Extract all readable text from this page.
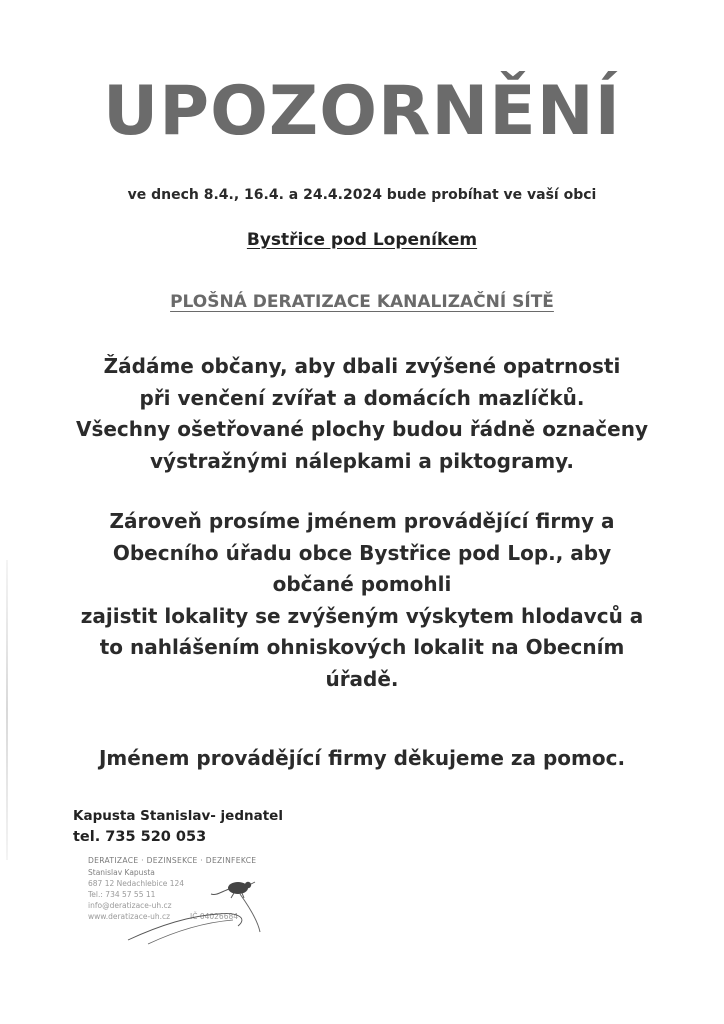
UPOZORNĚNÍ
ve dnech 8.4., 16.4. a 24.4.2024 bude probíhat ve vaší obci
Bystřice pod Lopeníkem
PLOŠNÁ DERATIZACE KANALIZAČNÍ SÍTĚ
Žádáme občany, aby dbali zvýšené opatrnosti
při venčení zvířat a domácích mazlíčků.
Všechny ošetřované plochy budou řádně označeny
výstražnými nálepkami a piktogramy.
Zároveň prosíme jménem provádějící firmy a
Obecního úřadu obce Bystřice pod Lop., aby
občané pomohli
zajistit lokality se zvýšeným výskytem hlodavců a
to nahlášením ohniskových lokalit na Obecním
úřadě.
Jménem provádějící firmy děkujeme za pomoc.
Kapusta Stanislav- jednatel
tel. 735 520 053
DERATIZACE · DEZINSEKCE · DEZINFEKCE
Stanislav Kapusta
687 12 Nedachlebice 124
Tel.: 734 57 55 11
info@deratizace-uh.cz
www.deratizace-uh.cz	IČ 04026684
